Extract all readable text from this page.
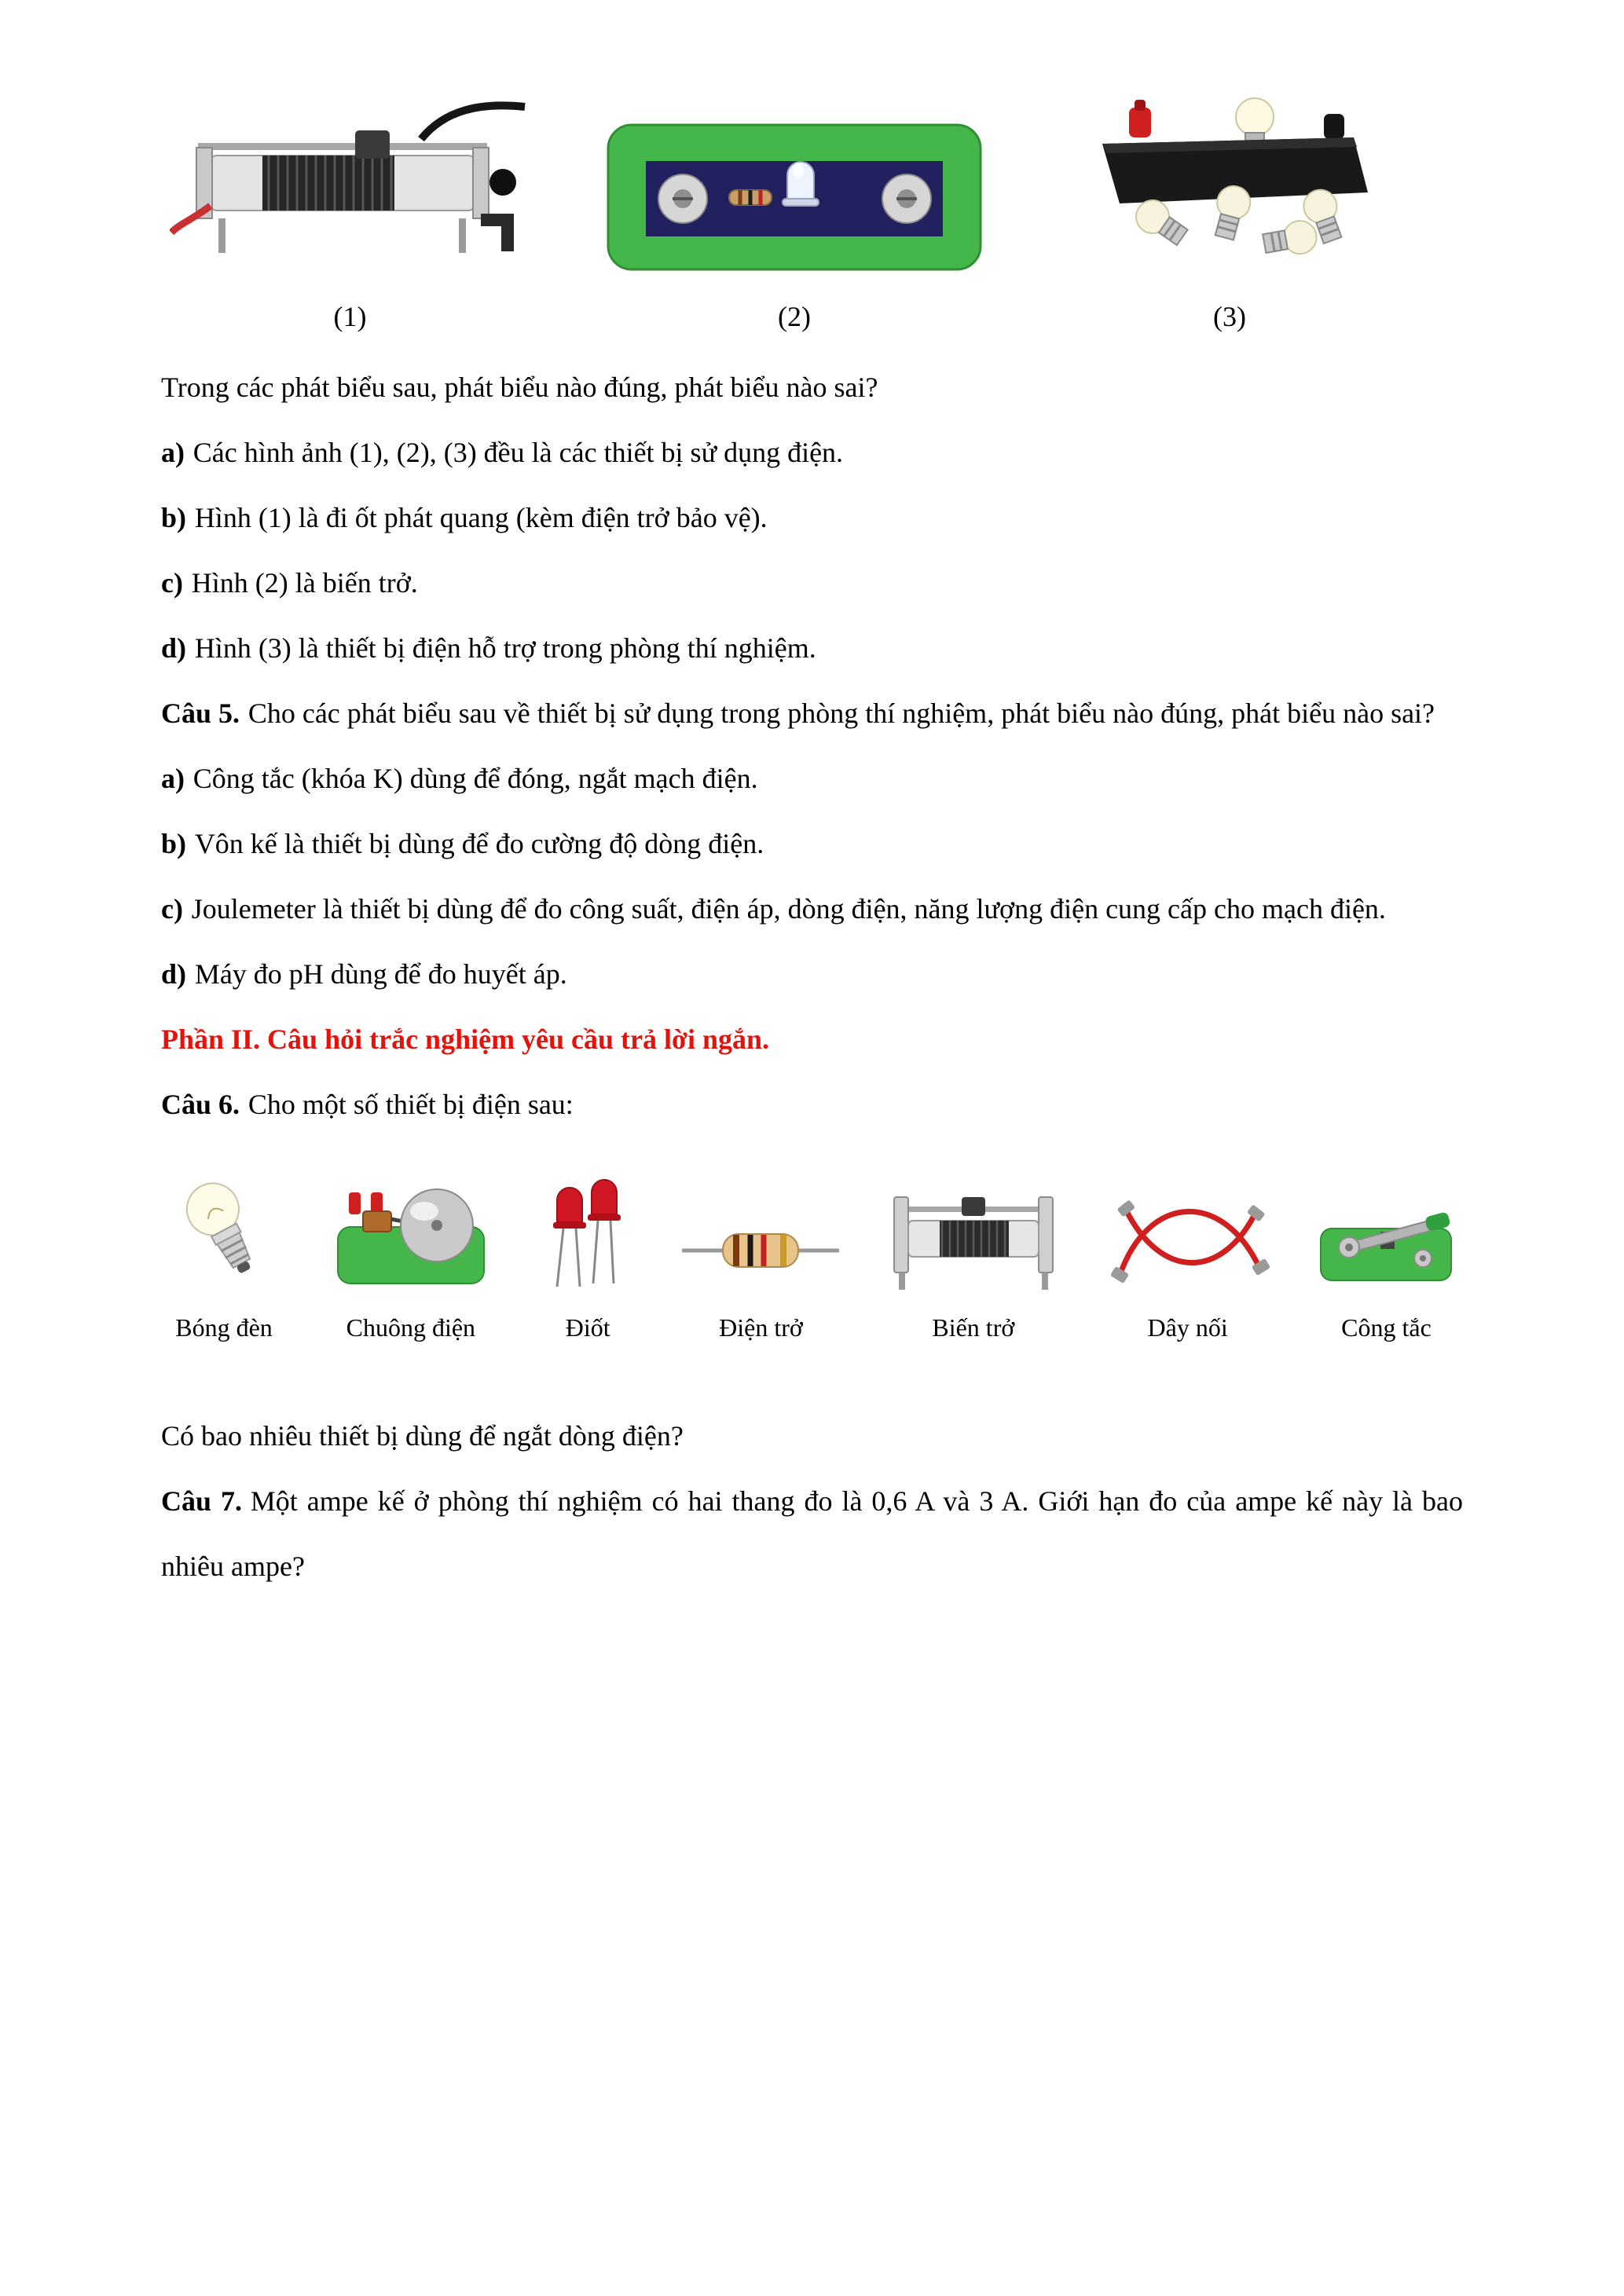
(1)	(2)	(3)

Trong các phát biểu sau, phát biểu nào đúng, phát biểu nào sai?

a) Các hình ảnh (1), (2), (3) đều là các thiết bị sử dụng điện.

b) Hình (1) là đi ốt phát quang (kèm điện trở bảo vệ).

c) Hình (2) là biến trở.

d) Hình (3) là thiết bị điện hỗ trợ trong phòng thí nghiệm.

Câu 5. Cho các phát biểu sau về thiết bị sử dụng trong phòng thí nghiệm, phát biểu nào đúng, phát biểu nào sai?

a) Công tắc (khóa K) dùng để đóng, ngắt mạch điện.

b) Vôn kế là thiết bị dùng để đo cường độ dòng điện.

c) Joulemeter là thiết bị dùng để đo công suất, điện áp, dòng điện, năng lượng điện cung cấp cho mạch điện.

d) Máy đo pH dùng để đo huyết áp.

Phần II. Câu hỏi trắc nghiệm yêu cầu trả lời ngắn.

Câu 6. Cho một số thiết bị điện sau:

Bóng đèn	Chuông điện	Điốt	Điện trở	Biến trở	Dây nối	Công tắc

Có bao nhiêu thiết bị dùng để ngắt dòng điện?

Câu 7. Một ampe kế ở phòng thí nghiệm có hai thang đo là 0,6 A và 3 A. Giới hạn đo của ampe kế này là bao nhiêu ampe?
